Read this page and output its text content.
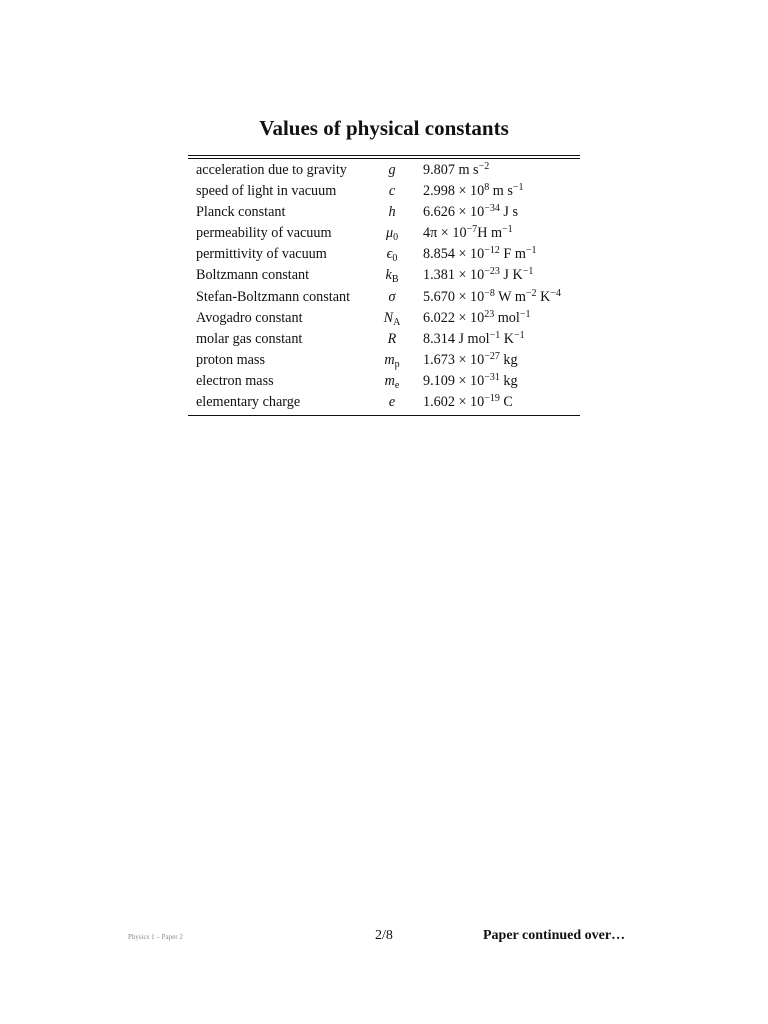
Values of physical constants
acceleration due to gravity	g	9.807 m $s^{-2}$
speed of light in vacuum	c	$2.998 \times 10^8$ m $s^{-1}$
Planck constant	h	$6.626 \times 10^{-34}$ J s
permeability of vacuum	$\mu_0$	$4\pi \times 10^{-7}H$ $m^{-1}$
permittivity of vacuum	$\epsilon_0$	$8.854 \times 10^{-12}$ F $m^{-1}$
Boltzmann constant	$k_B$	$1.381 \times 10^{-23}$ J $K^{-1}$
Stefan-Boltzmann constant	σ	$5.670 \times 10^{-8}$ W $m^{-2}$ $K^{-4}$
Avogadro constant	$N_A$	$6.022 \times 10^{23}$ mol$^{-1}$
molar gas constant	R	8.314 J mol$^{-1}$ $K^{-1}$
proton mass	$m_p$	$1.673 \times 10^{-27}$ kg
electron mass	$m_e$	$9.109 \times 10^{-31}$ kg
elementary charge	e	$1.602 \times 10^{-19}$ C
Physics 1 – Paper 2	2/8	Paper continued over…
